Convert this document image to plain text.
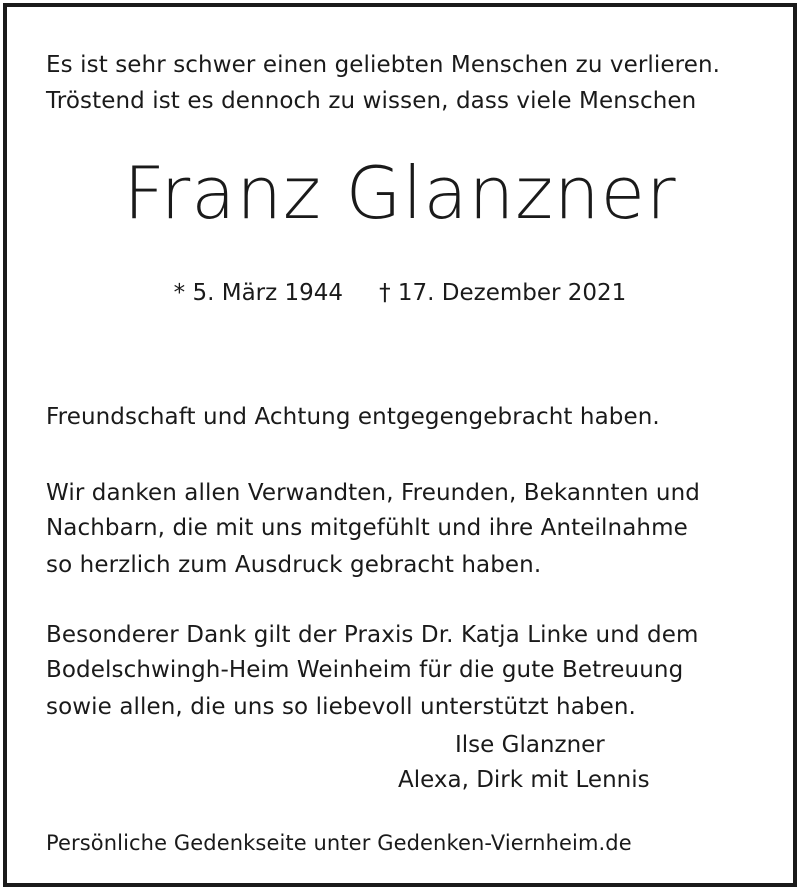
Es ist sehr schwer einen geliebten Menschen zu verlieren.
Tröstend ist es dennoch zu wissen, dass viele Menschen
Franz Glanzner
* 5. März 1944 † 17. Dezember 2021
Freundschaft und Achtung entgegengebracht haben.
Wir danken allen Verwandten, Freunden, Bekannten und
Nachbarn, die mit uns mitgefühlt und ihre Anteilnahme
so herzlich zum Ausdruck gebracht haben.
Besonderer Dank gilt der Praxis Dr. Katja Linke und dem
Bodelschwingh-Heim Weinheim für die gute Betreuung
sowie allen, die uns so liebevoll unterstützt haben.
Ilse Glanzner
Alexa, Dirk mit Lennis
Persönliche Gedenkseite unter Gedenken-Viernheim.de
